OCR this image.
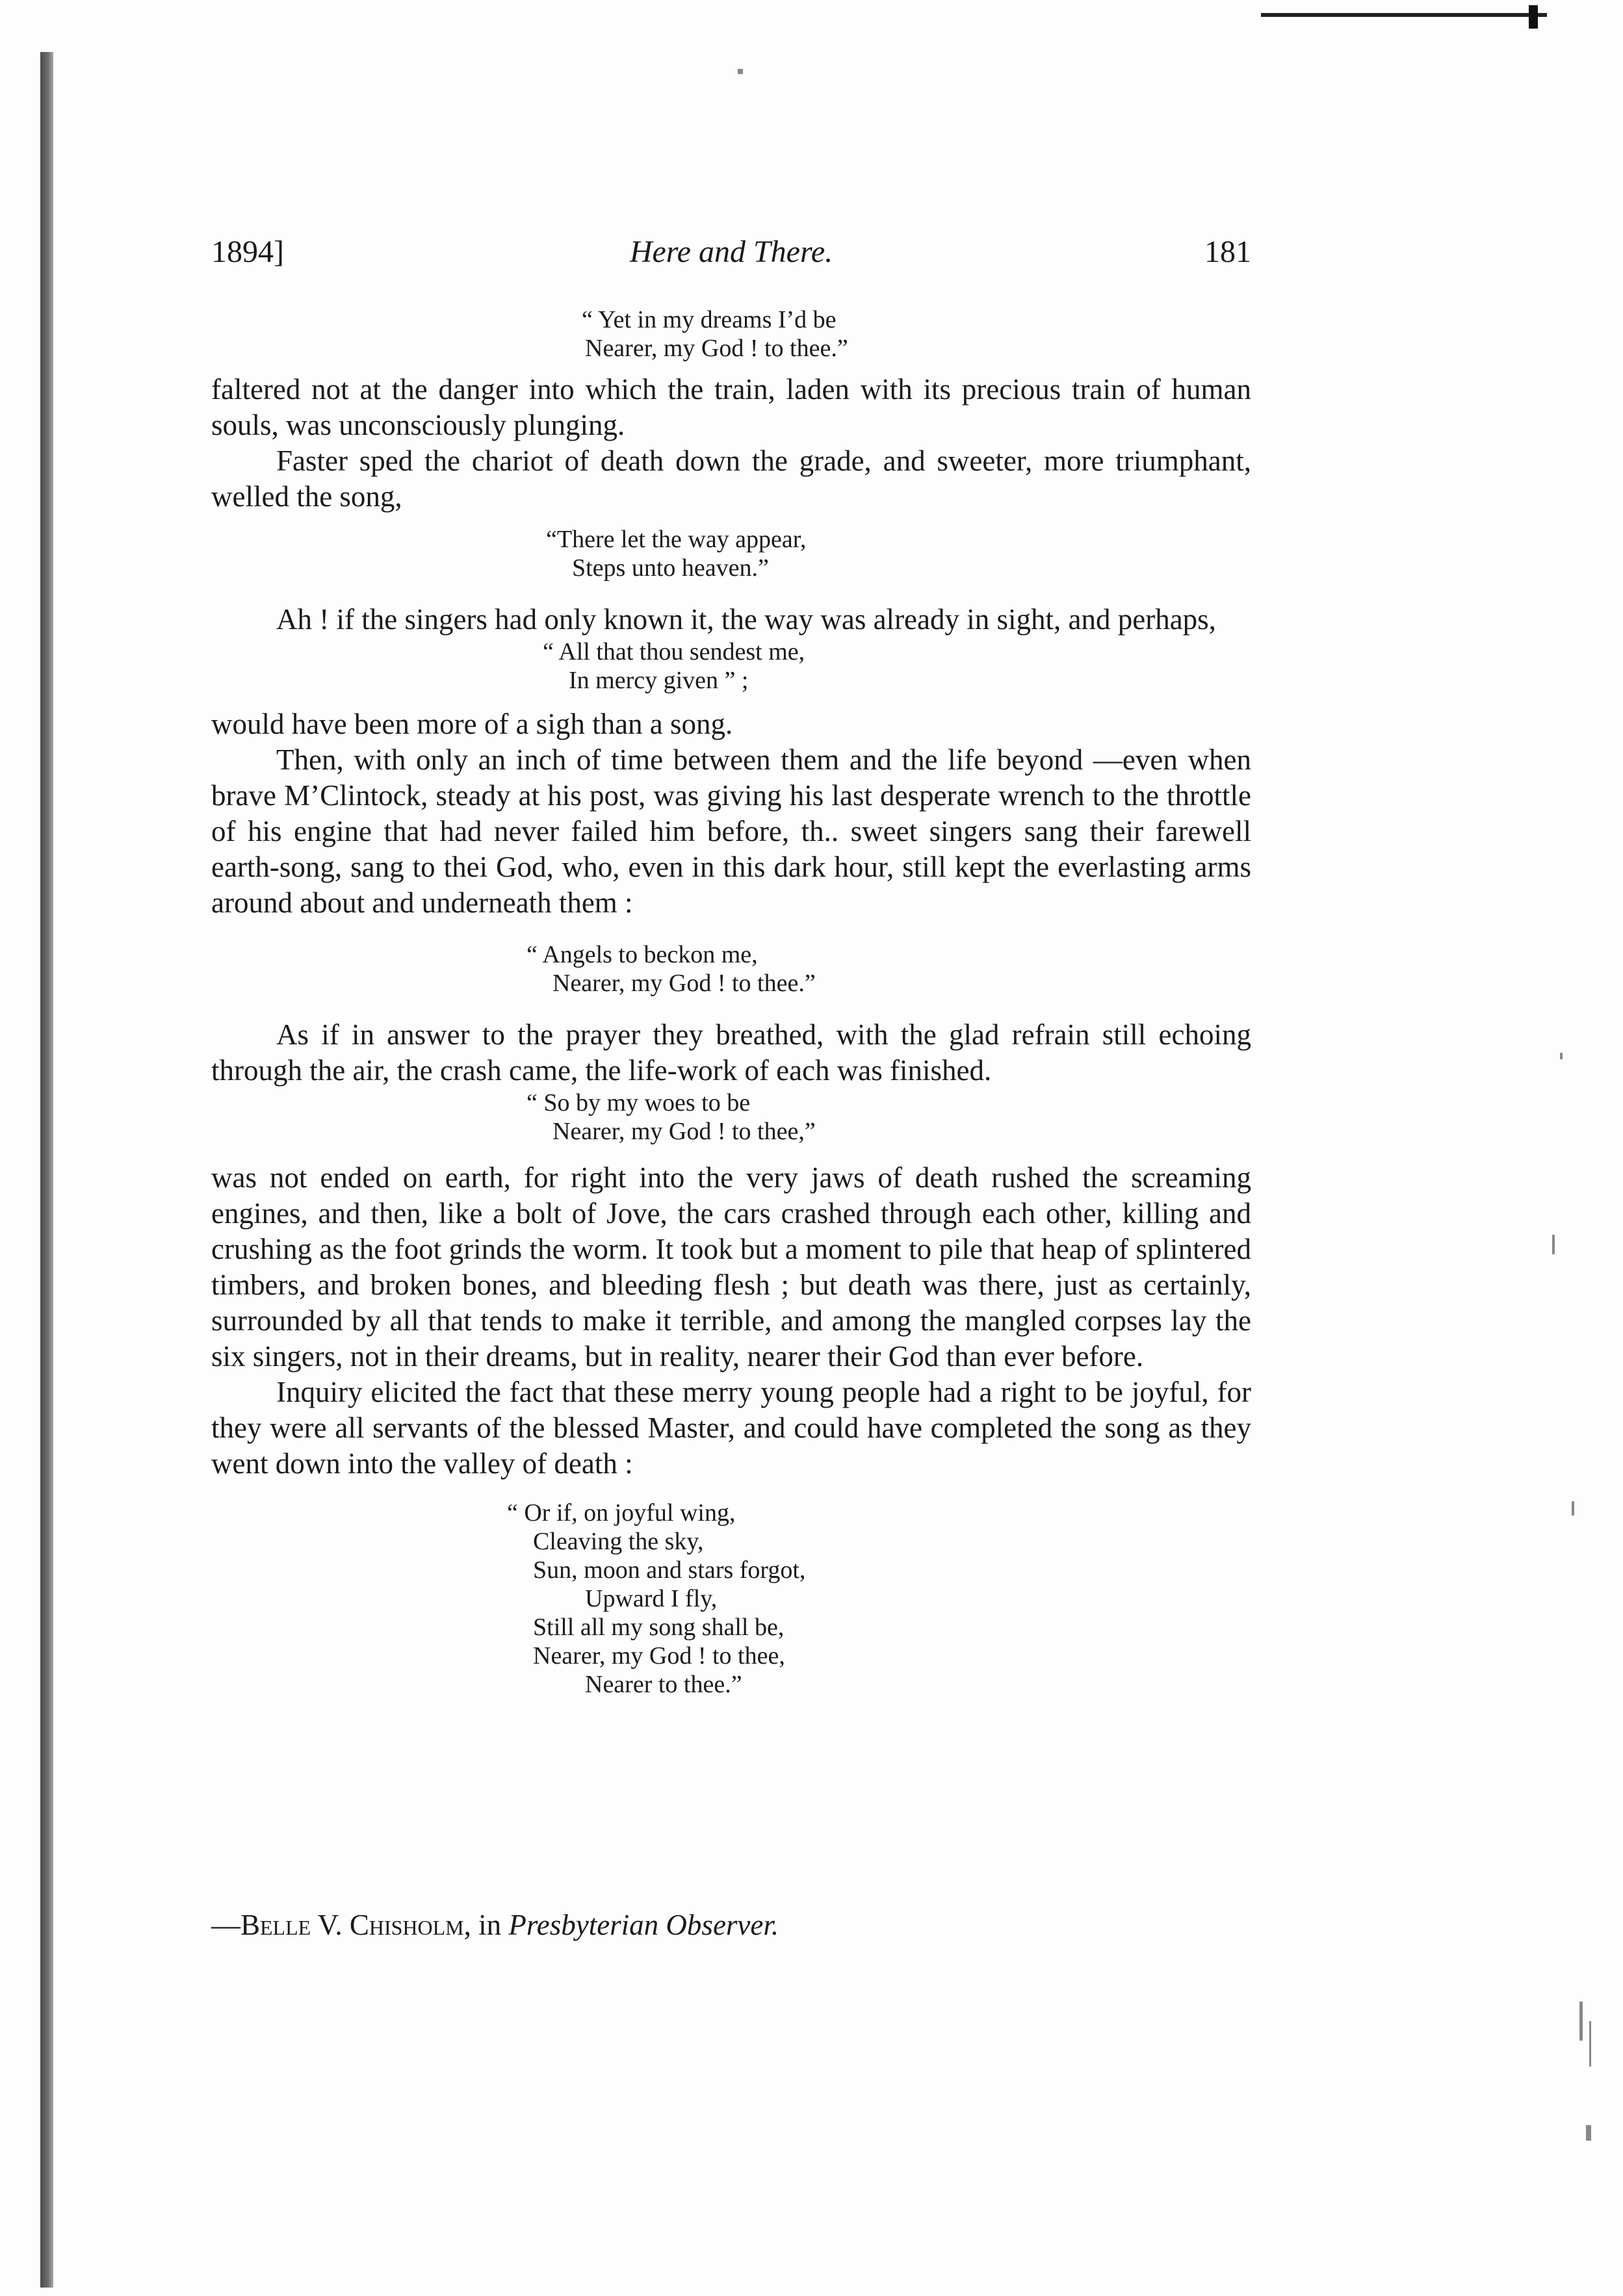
1894]	Here and There.	181
“ Yet in my dreams I’d be
Nearer, my God ! to thee.”

faltered not at the danger into which the train, laden with its precious train of human souls, was unconsciously plunging.

Faster sped the chariot of death down the grade, and sweeter, more triumphant, welled the song,

“There let the way appear,
Steps unto heaven.”

Ah ! if the singers had only known it, the way was already in sight, and perhaps,

“ All that thou sendest me,
In mercy given ” ;

would have been more of a sigh than a song.

Then, with only an inch of time between them and the life beyond —even when brave M’Clintock, steady at his post, was giving his last desperate wrench to the throttle of his engine that had never failed him before, th.. sweet singers sang their farewell earth-song, sang to thei God, who, even in this dark hour, still kept the everlasting arms around about and underneath them :

“ Angels to beckon me,
Nearer, my God ! to thee.”

As if in answer to the prayer they breathed, with the glad refrain still echoing through the air, the crash came, the life-work of each was finished.

“ So by my woes to be
Nearer, my God ! to thee,”

was not ended on earth, for right into the very jaws of death rushed the screaming engines, and then, like a bolt of Jove, the cars crashed through each other, killing and crushing as the foot grinds the worm. It took but a moment to pile that heap of splintered timbers, and broken bones, and bleeding flesh ; but death was there, just as certainly, surrounded by all that tends to make it terrible, and among the mangled corpses lay the six singers, not in their dreams, but in reality, nearer their God than ever before.

Inquiry elicited the fact that these merry young people had a right to be joyful, for they were all servants of the blessed Master, and could have completed the song as they went down into the valley of death :

“ Or if, on joyful wing,
Cleaving the sky,
Sun, moon and stars forgot,
Upward I fly,
Still all my song shall be,
Nearer, my God ! to thee,
Nearer to thee.”
—Belle V. Chisholm, in Presbyterian Observer.
